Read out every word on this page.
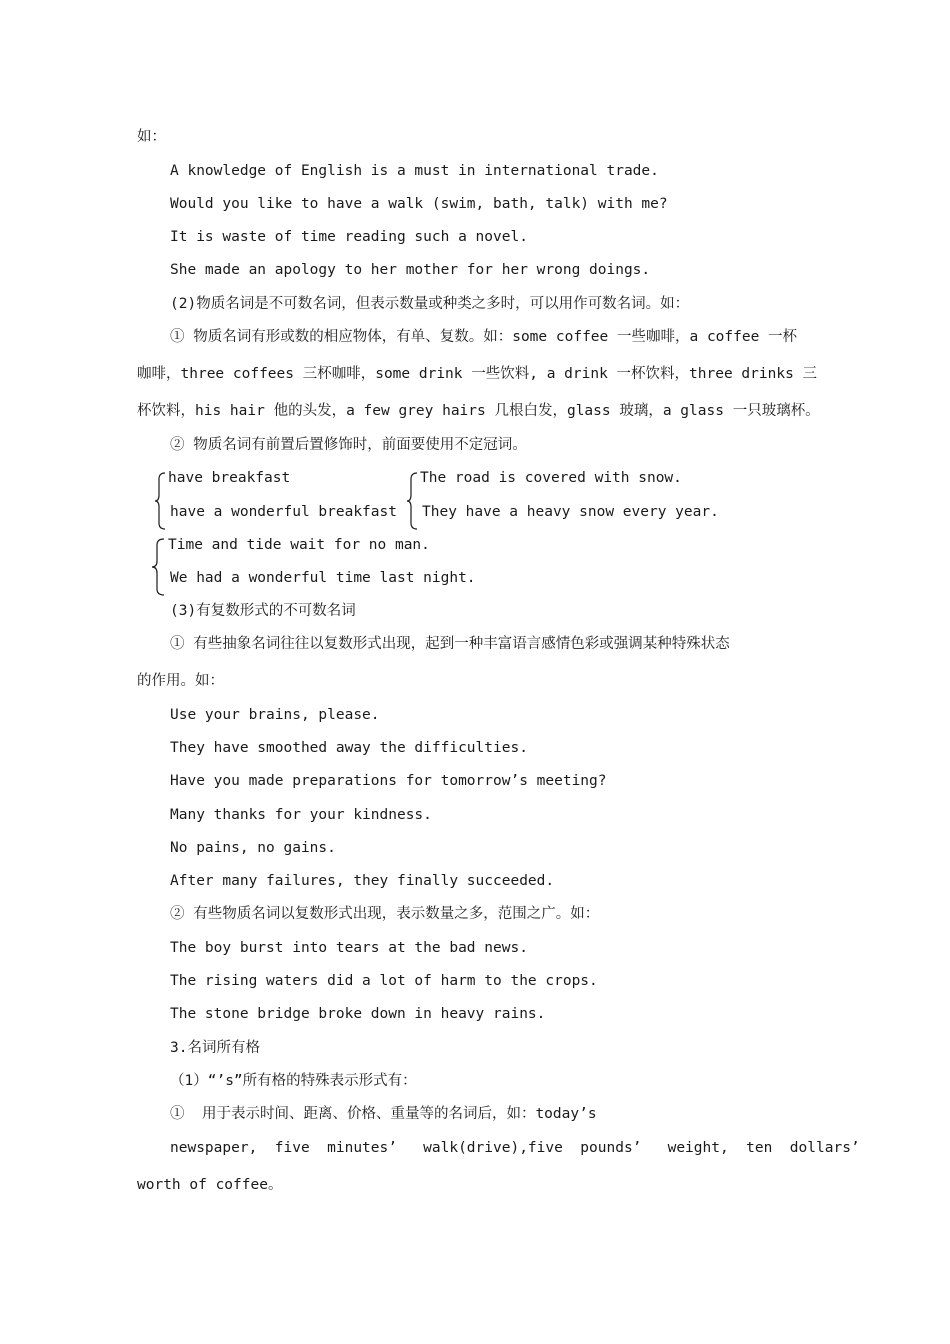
如：
A knowledge of English is a must in international trade.
Would you like to have a walk (swim, bath, talk) with me?
It is waste of time reading such a novel.
She made an apology to her mother for her wrong doings.
(2)物质名词是不可数名词，但表示数量或种类之多时，可以用作可数名词。如：
① 物质名词有形或数的相应物体，有单、复数。如：some coffee 一些咖啡，a coffee 一杯
咖啡，three coffees 三杯咖啡，some drink 一些饮料, a drink 一杯饮料，three drinks 三
杯饮料，his hair 他的头发，a few grey hairs 几根白发，glass 玻璃，a glass 一只玻璃杯。
② 物质名词有前置后置修饰时，前面要使用不定冠词。
have breakfast
have a wonderful breakfast
The road is covered with snow.
They have a heavy snow every year.
Time and tide wait for no man.
We had a wonderful time last night.
(3)有复数形式的不可数名词
① 有些抽象名词往往以复数形式出现，起到一种丰富语言感情色彩或强调某种特殊状态
的作用。如：
Use your brains, please.
They have smoothed away the difficulties.
Have you made preparations for tomorrow’s meeting?
Many thanks for your kindness.
No pains, no gains.
After many failures, they finally succeeded.
② 有些物质名词以复数形式出现，表示数量之多，范围之广。如：
The boy burst into tears at the bad news.
The rising waters did a lot of harm to the crops.
The stone bridge broke down in heavy rains.
3.名词所有格
（1）“’s”所有格的特殊表示形式有：
①  用于表示时间、距离、价格、重量等的名词后，如：today’s
newspaper,  five  minutes’   walk(drive),five  pounds’   weight,  ten  dollars’
worth of coffee。
